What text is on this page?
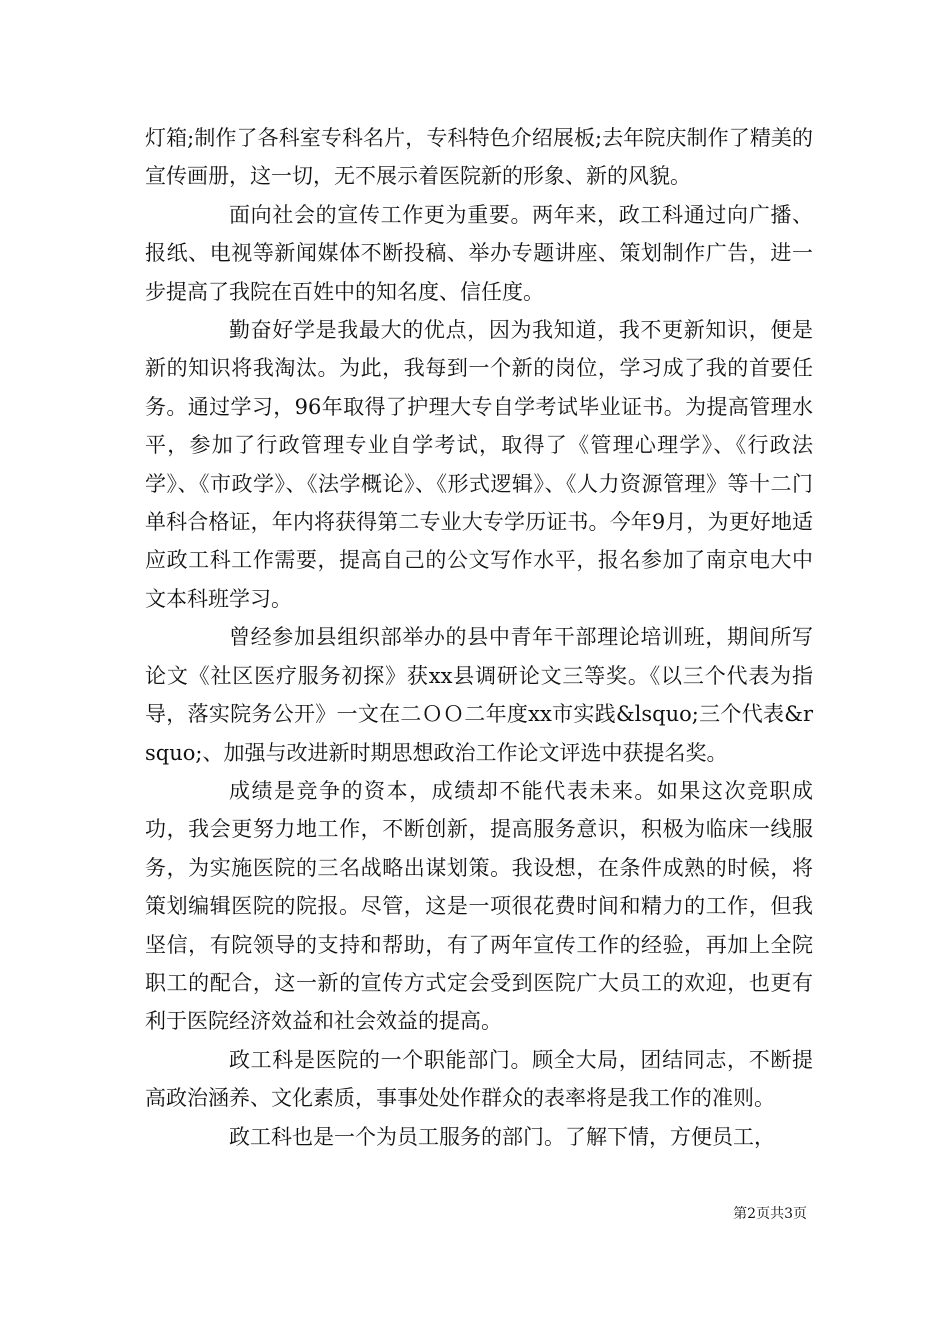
灯箱;制作了各科室专科名片，专科特色介绍展板;去年院庆制作了精美的宣传画册，这一切，无不展示着医院新的形象、新的风貌。

面向社会的宣传工作更为重要。两年来，政工科通过向广播、报纸、电视等新闻媒体不断投稿、举办专题讲座、策划制作广告，进一步提高了我院在百姓中的知名度、信任度。

勤奋好学是我最大的优点，因为我知道，我不更新知识，便是新的知识将我淘汰。为此，我每到一个新的岗位，学习成了我的首要任务。通过学习，96年取得了护理大专自学考试毕业证书。为提高管理水平，参加了行政管理专业自学考试，取得了《管理心理学》、《行政法学》、《市政学》、《法学概论》、《形式逻辑》、《人力资源管理》等十二门单科合格证，年内将获得第二专业大专学历证书。今年9月，为更好地适应政工科工作需要，提高自己的公文写作水平，报名参加了南京电大中文本科班学习。

曾经参加县组织部举办的县中青年干部理论培训班，期间所写论文《社区医疗服务初探》获xx县调研论文三等奖。《以三个代表为指导，落实院务公开》一文在二ＯＯ二年度xx市实践&lsquo;三个代表&rsquo;、加强与改进新时期思想政治工作论文评选中获提名奖。

成绩是竞争的资本，成绩却不能代表未来。如果这次竞职成功，我会更努力地工作，不断创新，提高服务意识，积极为临床一线服务，为实施医院的三名战略出谋划策。我设想，在条件成熟的时候，将策划编辑医院的院报。尽管，这是一项很花费时间和精力的工作，但我坚信，有院领导的支持和帮助，有了两年宣传工作的经验，再加上全院职工的配合，这一新的宣传方式定会受到医院广大员工的欢迎，也更有利于医院经济效益和社会效益的提高。

政工科是医院的一个职能部门。顾全大局，团结同志，不断提高政治涵养、文化素质，事事处处作群众的表率将是我工作的准则。

政工科也是一个为员工服务的部门。了解下情，方便员工，

第2页共3页
